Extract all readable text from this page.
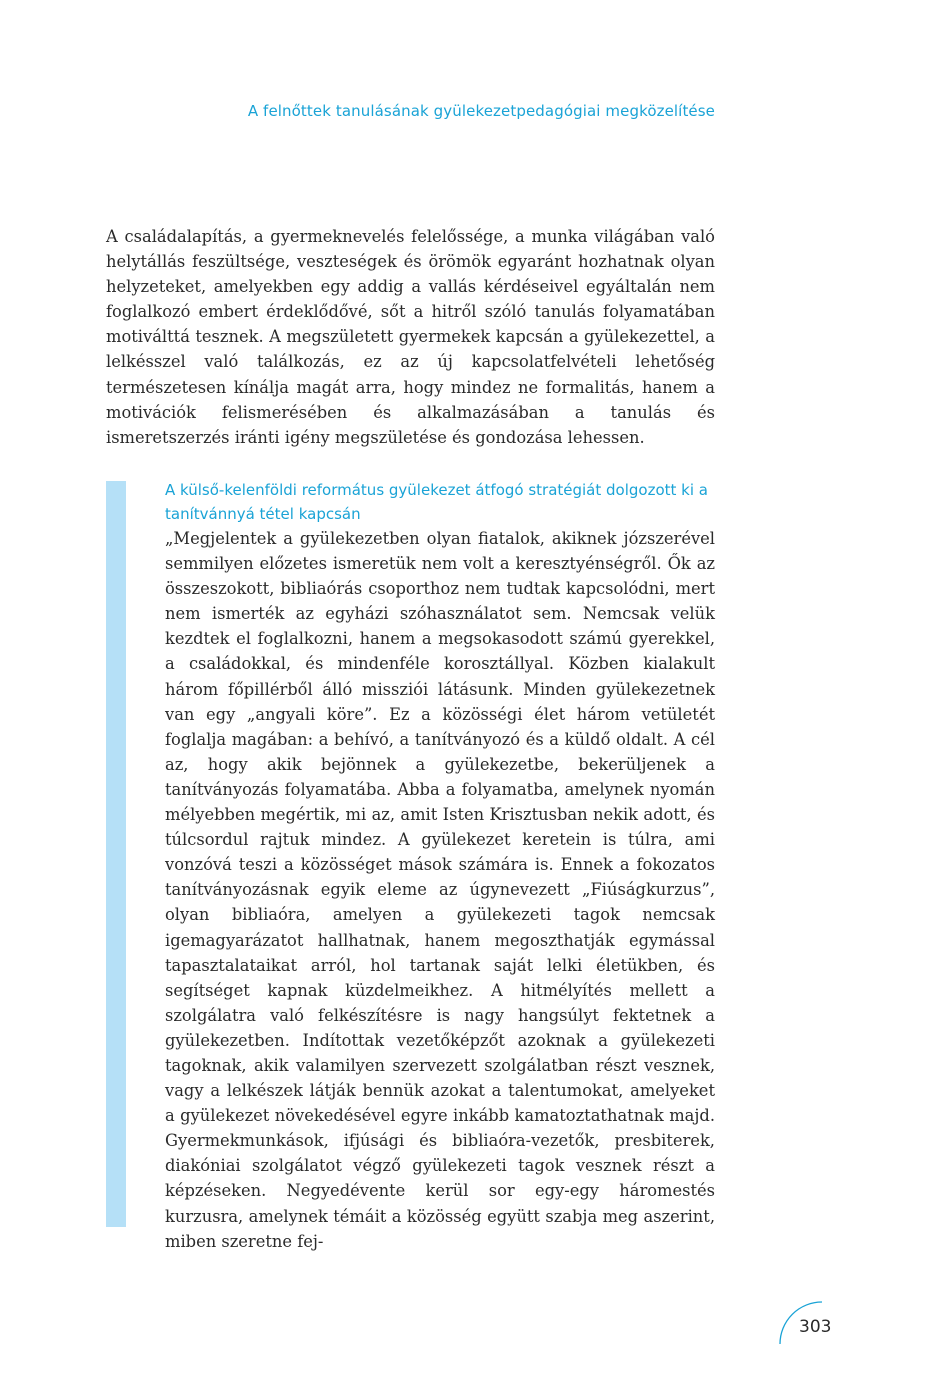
A felnőttek tanulásának gyülekezetpedagógiai megközelítése

A családalapítás, a gyermeknevelés felelőssége, a munka világában való helytállás feszültsége, veszteségek és örömök egyaránt hozhatnak olyan helyzeteket, amelyekben egy addig a vallás kérdéseivel egyáltalán nem foglalkozó embert érdeklődővé, sőt a hitről szóló tanulás folyamatában motiválttá tesznek. A megszületett gyermekek kapcsán a gyülekezettel, a lelkésszel való találkozás, ez az új kapcsolatfelvételi lehetőség természetesen kínálja magát arra, hogy mindez ne formalitás, hanem a motivációk felismerésében és alkalmazásában a tanulás és ismeretszerzés iránti igény megszületése és gondozása lehessen.

A külső-kelenföldi református gyülekezet átfogó stratégiát dolgozott ki a tanítvánnyá tétel kapcsán

„Megjelentek a gyülekezetben olyan fiatalok, akiknek józszerével semmilyen előzetes ismeretük nem volt a keresztyénségről. Ők az összeszokott, bibliaórás csoporthoz nem tudtak kapcsolódni, mert nem ismerték az egyházi szóhasználatot sem. Nemcsak velük kezdtek el foglalkozni, hanem a megsokasodott számú gyerekkel, a családokkal, és mindenféle korosztállyal. Közben kialakult három főpillérből álló missziói látásunk. Minden gyülekezetnek van egy „angyali köre”. Ez a közösségi élet három vetületét foglalja magában: a behívó, a tanítványozó és a küldő oldalt. A cél az, hogy akik bejönnek a gyülekezetbe, bekerüljenek a tanítványozás folyamatába. Abba a folyamatba, amelynek nyomán mélyebben megértik, mi az, amit Isten Krisztusban nekik adott, és túlcsordul rajtuk mindez. A gyülekezet keretein is túlra, ami vonzóvá teszi a közösséget mások számára is. Ennek a fokozatos tanítványozásnak egyik eleme az úgynevezett „Fiúságkurzus”, olyan bibliaóra, amelyen a gyülekezeti tagok nemcsak igemagyarázatot hallhatnak, hanem megoszthatják egymással tapasztalataikat arról, hol tartanak saját lelki életükben, és segítséget kapnak küzdelmeikhez. A hitmélyítés mellett a szolgálatra való felkészítésre is nagy hangsúlyt fektetnek a gyülekezetben. Indítottak vezetőképzőt azoknak a gyülekezeti tagoknak, akik valamilyen szervezett szolgálatban részt vesznek, vagy a lelkészek látják bennük azokat a talentumokat, amelyeket a gyülekezet növekedésével egyre inkább kamatoztathatnak majd. Gyermekmunkások, ifjúsági és bibliaóra-vezetők, presbiterek, diakóniai szolgálatot végző gyülekezeti tagok vesznek részt a képzéseken. Negyedévente kerül sor egy-egy háromestés kurzusra, amelynek témáit a közösség együtt szabja meg aszerint, miben szeretne fej-

303
